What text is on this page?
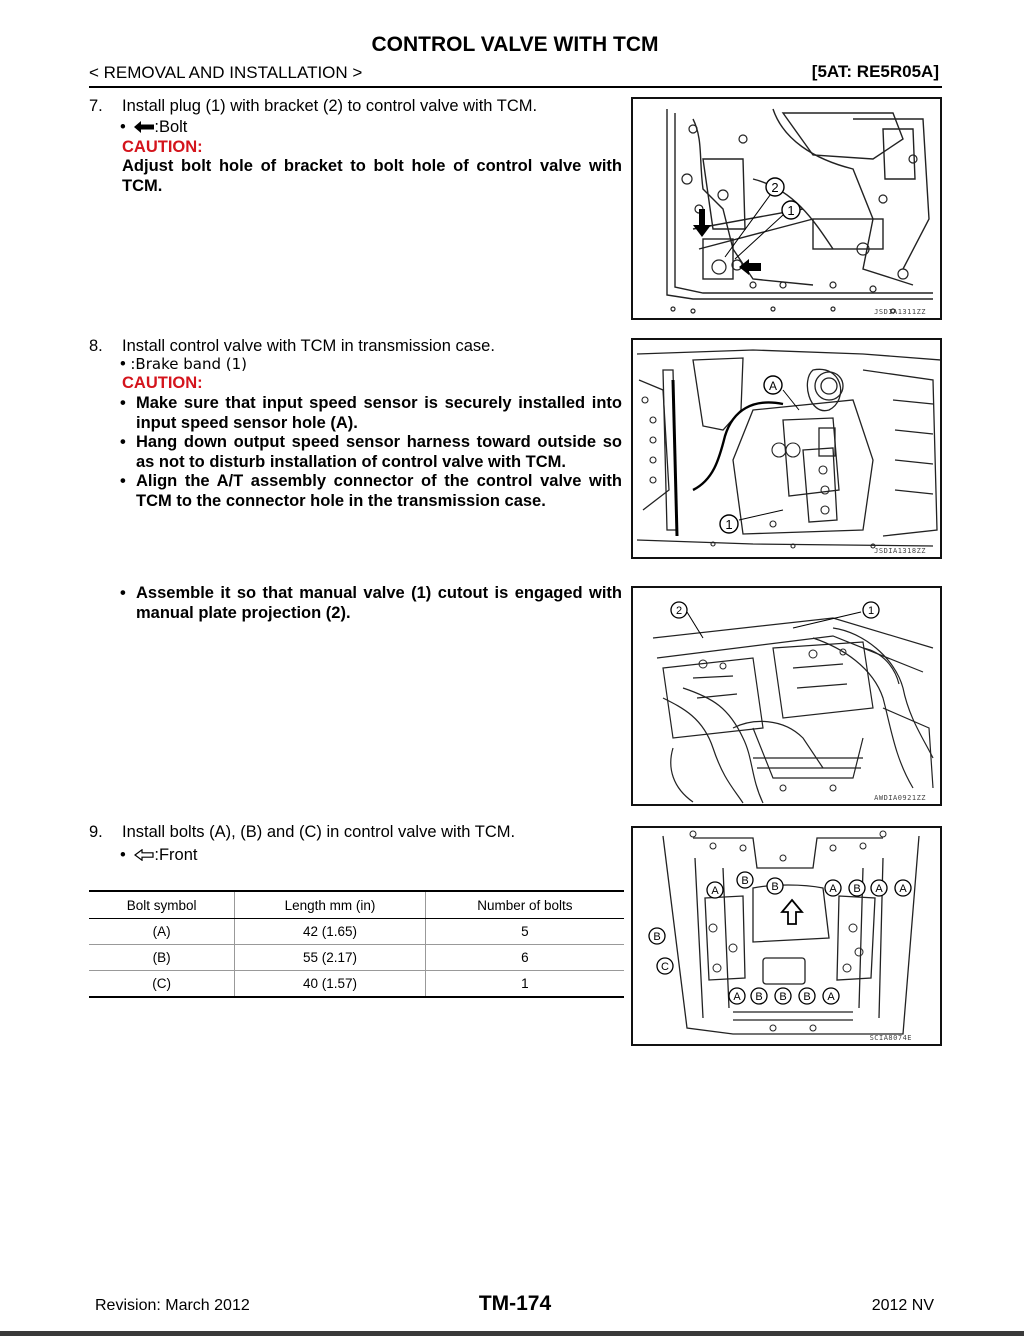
CONTROL VALVE WITH TCM
< REMOVAL AND INSTALLATION >	[5AT: RE5R05A]
7. Install plug (1) with bracket (2) to control valve with TCM.
• :Bolt
CAUTION:
Adjust bolt hole of bracket to bolt hole of control valve with TCM.	2
1
JSDIA1311ZZ
8. Install control valve with TCM in transmission case.
• :Brake band (1)
CAUTION:
• Make sure that input speed sensor is securely installed into input speed sensor hole (A).
• Hang down output speed sensor harness toward outside so as not to disturb installation of control valve with TCM.
• Align the A/T assembly connector of the control valve with TCM to the connector hole in the transmission case.
A
1
JSDIA1318ZZ
• Assemble it so that manual valve (1) cutout is engaged with manual plate projection (2).	2	1
AWDIA0921ZZ
9. Install bolts (A), (B) and (C) in control valve with TCM.
• :Front
Bolt symbol	Length mm (in)	Number of bolts
(A)	42 (1.65)	5
(B)	55 (2.17)	6
(C)	40 (1.57)	1
A
B B	A B A A
B
C
A B B B A
SCIA8074E
Revision: March 2012	TM-174	2012 NV
